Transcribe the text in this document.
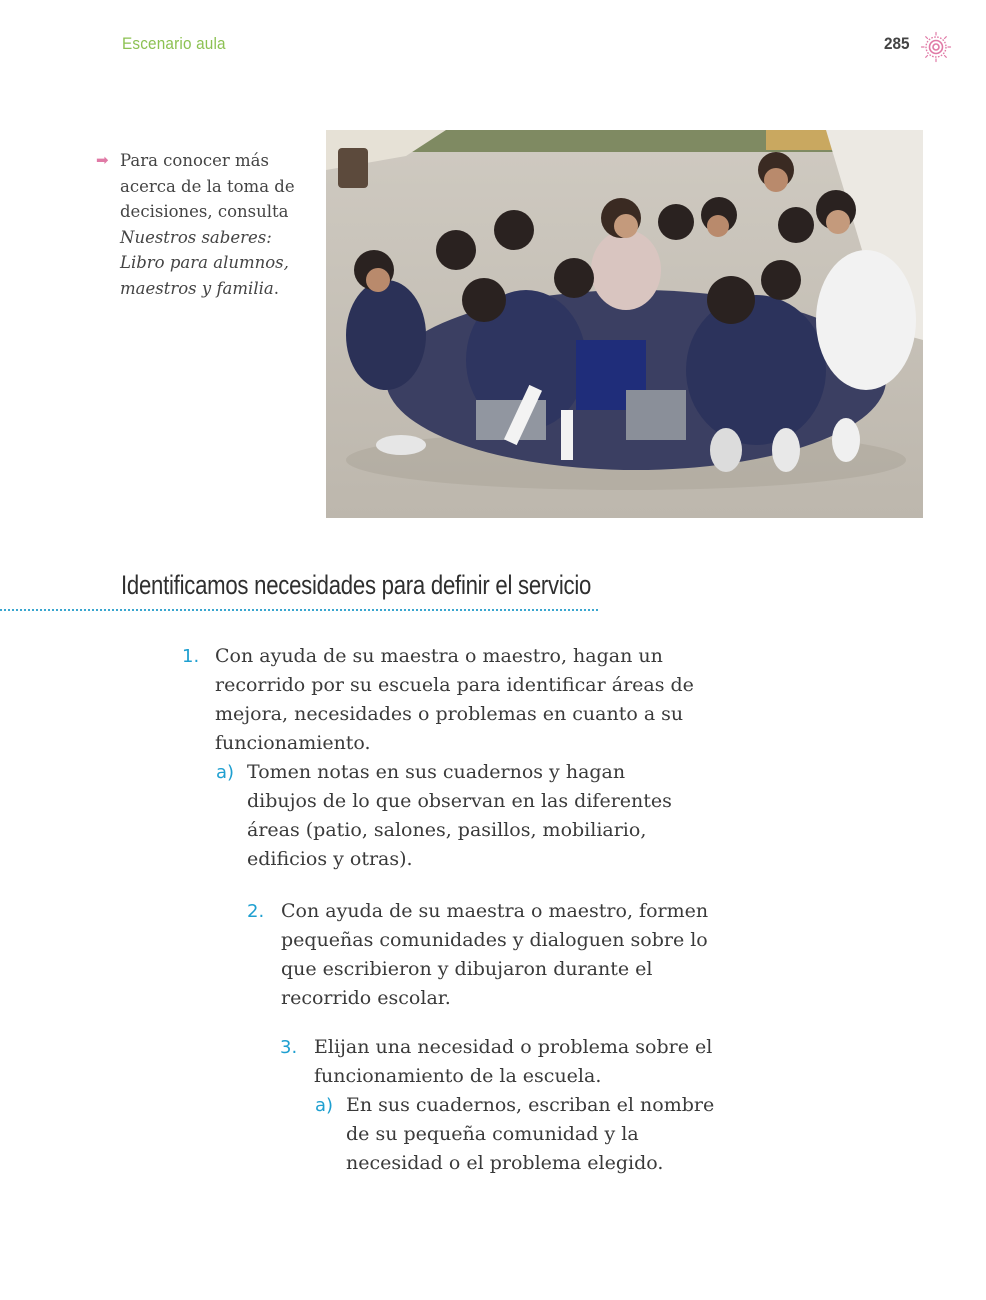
Escenario aula	285
➡ Para conocer más acerca de la toma de decisiones, consulta Nuestros saberes: Libro para alumnos, maestros y familia.
Identificamos necesidades para definir el servicio
1. Con ayuda de su maestra o maestro, hagan un recorrido por su escuela para identificar áreas de mejora, necesidades o problemas en cuanto a su funcionamiento.
a) Tomen notas en sus cuadernos y hagan dibujos de lo que observan en las diferentes áreas (patio, salones, pasillos, mobiliario, edificios y otras).
2. Con ayuda de su maestra o maestro, formen pequeñas comunidades y dialoguen sobre lo que escribieron y dibujaron durante el recorrido escolar.
3. Elijan una necesidad o problema sobre el funcionamiento de la escuela.
a) En sus cuadernos, escriban el nombre de su pequeña comunidad y la necesidad o el problema elegido.
